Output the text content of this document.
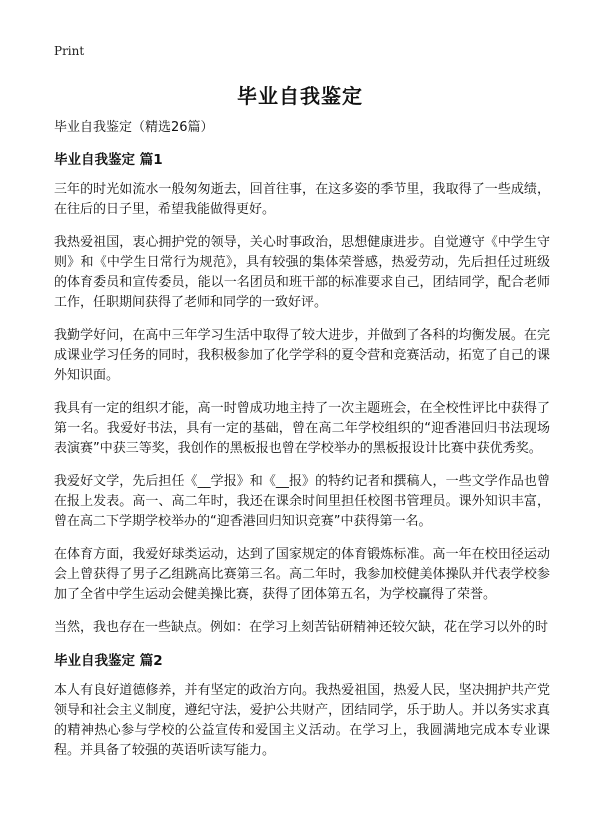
Print
毕业自我鉴定

毕业自我鉴定（精选26篇）

毕业自我鉴定 篇1

三年的时光如流水一般匆匆逝去，回首往事，在这多姿的季节里，我取得了一些成绩，在往后的日子里，希望我能做得更好。

我热爱祖国，衷心拥护党的领导，关心时事政治，思想健康进步。自觉遵守《中学生守则》和《中学生日常行为规范》，具有较强的集体荣誉感，热爱劳动，先后担任过班级的体育委员和宣传委员，能以一名团员和班干部的标准要求自己，团结同学，配合老师工作，任职期间获得了老师和同学的一致好评。

我勤学好问，在高中三年学习生活中取得了较大进步，并做到了各科的均衡发展。在完成课业学习任务的同时，我积极参加了化学学科的夏令营和竞赛活动，拓宽了自己的课外知识面。

我具有一定的组织才能，高一时曾成功地主持了一次主题班会，在全校性评比中获得了第一名。我爱好书法，具有一定的基础，曾在高二年学校组织的“迎香港回归书法现场表演赛”中获三等奖，我创作的黑板报也曾在学校举办的黑板报设计比赛中获优秀奖。

我爱好文学，先后担任《__学报》和《__报》的特约记者和撰稿人，一些文学作品也曾在报上发表。高一、高二年时，我还在课余时间里担任校图书管理员。课外知识丰富，曾在高二下学期学校举办的“迎香港回归知识竞赛”中获得第一名。

在体育方面，我爱好球类运动，达到了国家规定的体育锻炼标准。高一年在校田径运动会上曾获得了男子乙组跳高比赛第三名。高二年时，我参加校健美体操队并代表学校参加了全省中学生运动会健美操比赛，获得了团体第五名，为学校赢得了荣誉。

当然，我也存在一些缺点。例如：在学习上刻苦钻研精神还较欠缺，花在学习以外的时

毕业自我鉴定 篇2

本人有良好道德修养，并有坚定的政治方向。我热爱祖国，热爱人民，坚决拥护共产党领导和社会主义制度，遵纪守法，爱护公共财产，团结同学，乐于助人。并以务实求真的精神热心参与学校的公益宣传和爱国主义活动。在学习上，我圆满地完成本专业课程。并具备了较强的英语听读写能力。
